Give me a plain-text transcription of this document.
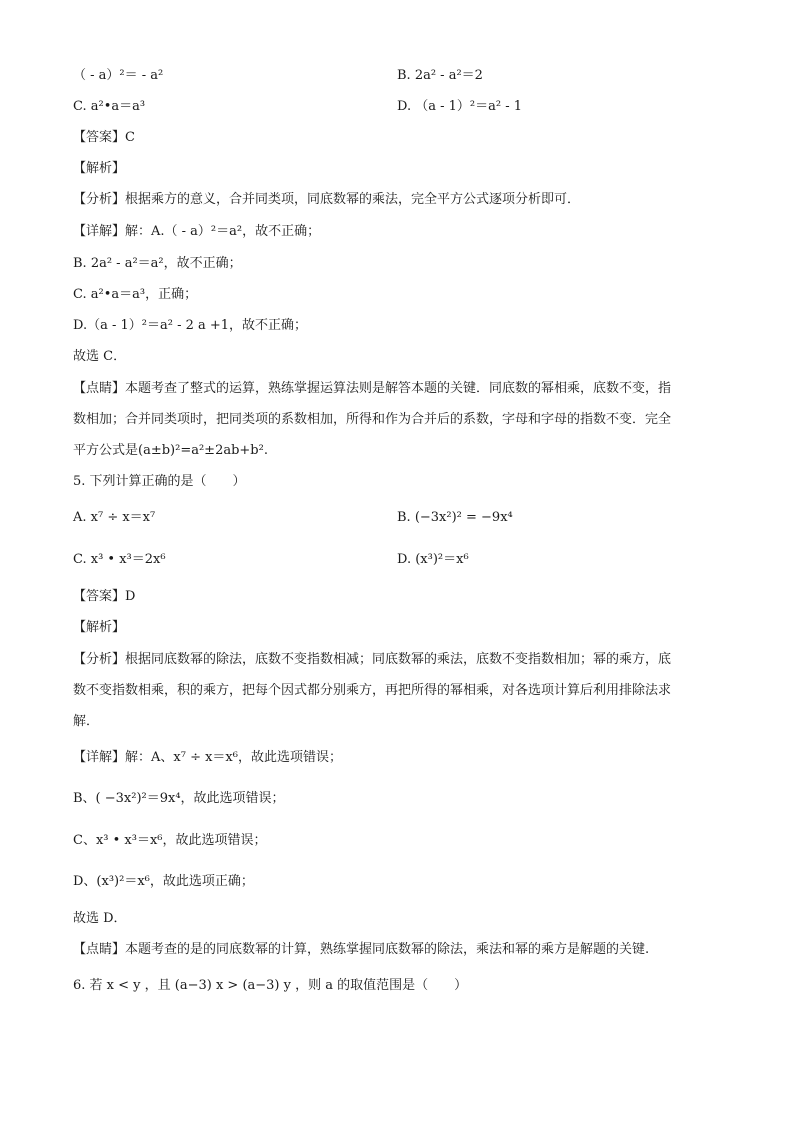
（ - a）²＝ - a²	B. 2a² - a²＝2
C. a²•a＝a³	D. （a - 1）²＝a² - 1
【答案】C
【解析】
【分析】根据乘方的意义，合并同类项，同底数幂的乘法，完全平方公式逐项分析即可．
【详解】解：A.（ - a）²＝a²，故不正确；
B. 2a² - a²＝a²，故不正确；
C. a²•a＝a³，正确；
D.（a - 1）²＝a² - 2 a +1，故不正确；
故选 C．
【点睛】本题考查了整式的运算，熟练掌握运算法则是解答本题的关键．同底数的幂相乘，底数不变，指
数相加；合并同类项时，把同类项的系数相加，所得和作为合并后的系数，字母和字母的指数不变．完全
平方公式是(a±b)²=a²±2ab+b².
5. 下列计算正确的是（　　）
A. x⁷ ÷ x＝x⁷	B. (−3x²)² = −9x⁴
C. x³ • x³＝2x⁶	D. (x³)²＝x⁶
【答案】D
【解析】
【分析】根据同底数幂的除法，底数不变指数相减；同底数幂的乘法，底数不变指数相加；幂的乘方，底
数不变指数相乘，积的乘方，把每个因式都分别乘方，再把所得的幂相乘，对各选项计算后利用排除法求
解．
【详解】解：A、x⁷ ÷ x＝x⁶，故此选项错误；
B、( −3x²)²＝9x⁴，故此选项错误；
C、x³ • x³＝x⁶，故此选项错误；
D、(x³)²＝x⁶，故此选项正确；
故选 D．
【点睛】本题考查的是的同底数幂的计算，熟练掌握同底数幂的除法，乘法和幂的乘方是解题的关键.
6. 若 x < y ，且 (a−3) x > (a−3) y ，则 a 的取值范围是（　　）
